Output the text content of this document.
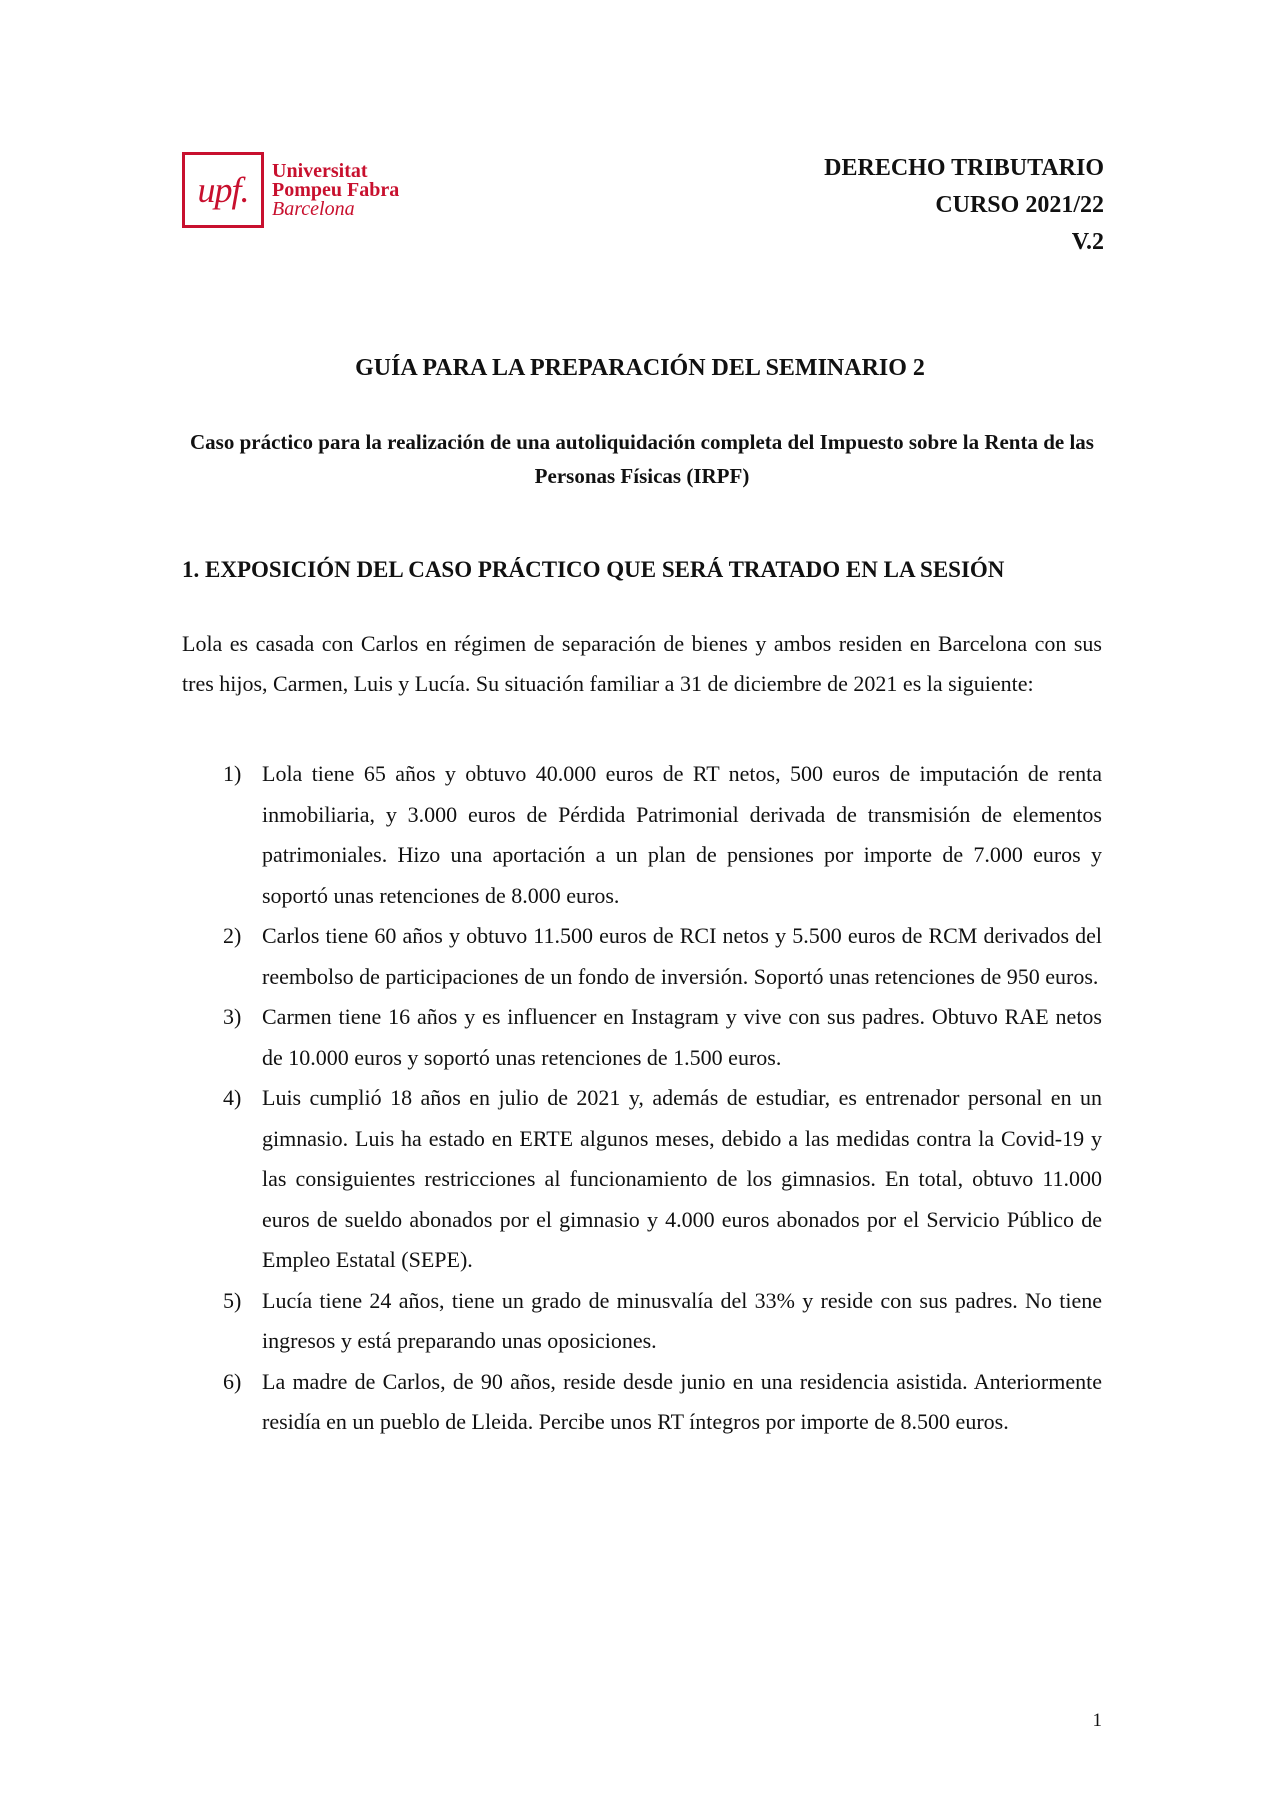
upf.	Universitat
Pompeu Fabra
Barcelona
DERECHO TRIBUTARIO
CURSO 2021/22
V.2
GUÍA PARA LA PREPARACIÓN DEL SEMINARIO 2
Caso práctico para la realización de una autoliquidación completa del Impuesto sobre la Renta de las Personas Físicas (IRPF)
1. EXPOSICIÓN DEL CASO PRÁCTICO QUE SERÁ TRATADO EN LA SESIÓN

Lola es casada con Carlos en régimen de separación de bienes y ambos residen en Barcelona con sus tres hijos, Carmen, Luis y Lucía. Su situación familiar a 31 de diciembre de 2021 es la siguiente:

1) Lola tiene 65 años y obtuvo 40.000 euros de RT netos, 500 euros de imputación de renta inmobiliaria, y 3.000 euros de Pérdida Patrimonial derivada de transmisión de elementos patrimoniales. Hizo una aportación a un plan de pensiones por importe de 7.000 euros y soportó unas retenciones de 8.000 euros.
2) Carlos tiene 60 años y obtuvo 11.500 euros de RCI netos y 5.500 euros de RCM derivados del reembolso de participaciones de un fondo de inversión. Soportó unas retenciones de 950 euros.
3) Carmen tiene 16 años y es influencer en Instagram y vive con sus padres. Obtuvo RAE netos de 10.000 euros y soportó unas retenciones de 1.500 euros.
4) Luis cumplió 18 años en julio de 2021 y, además de estudiar, es entrenador personal en un gimnasio. Luis ha estado en ERTE algunos meses, debido a las medidas contra la Covid-19 y las consiguientes restricciones al funcionamiento de los gimnasios. En total, obtuvo 11.000 euros de sueldo abonados por el gimnasio y 4.000 euros abonados por el Servicio Público de Empleo Estatal (SEPE).
5) Lucía tiene 24 años, tiene un grado de minusvalía del 33% y reside con sus padres. No tiene ingresos y está preparando unas oposiciones.
6) La madre de Carlos, de 90 años, reside desde junio en una residencia asistida. Anteriormente residía en un pueblo de Lleida. Percibe unos RT íntegros por importe de 8.500 euros.
1
